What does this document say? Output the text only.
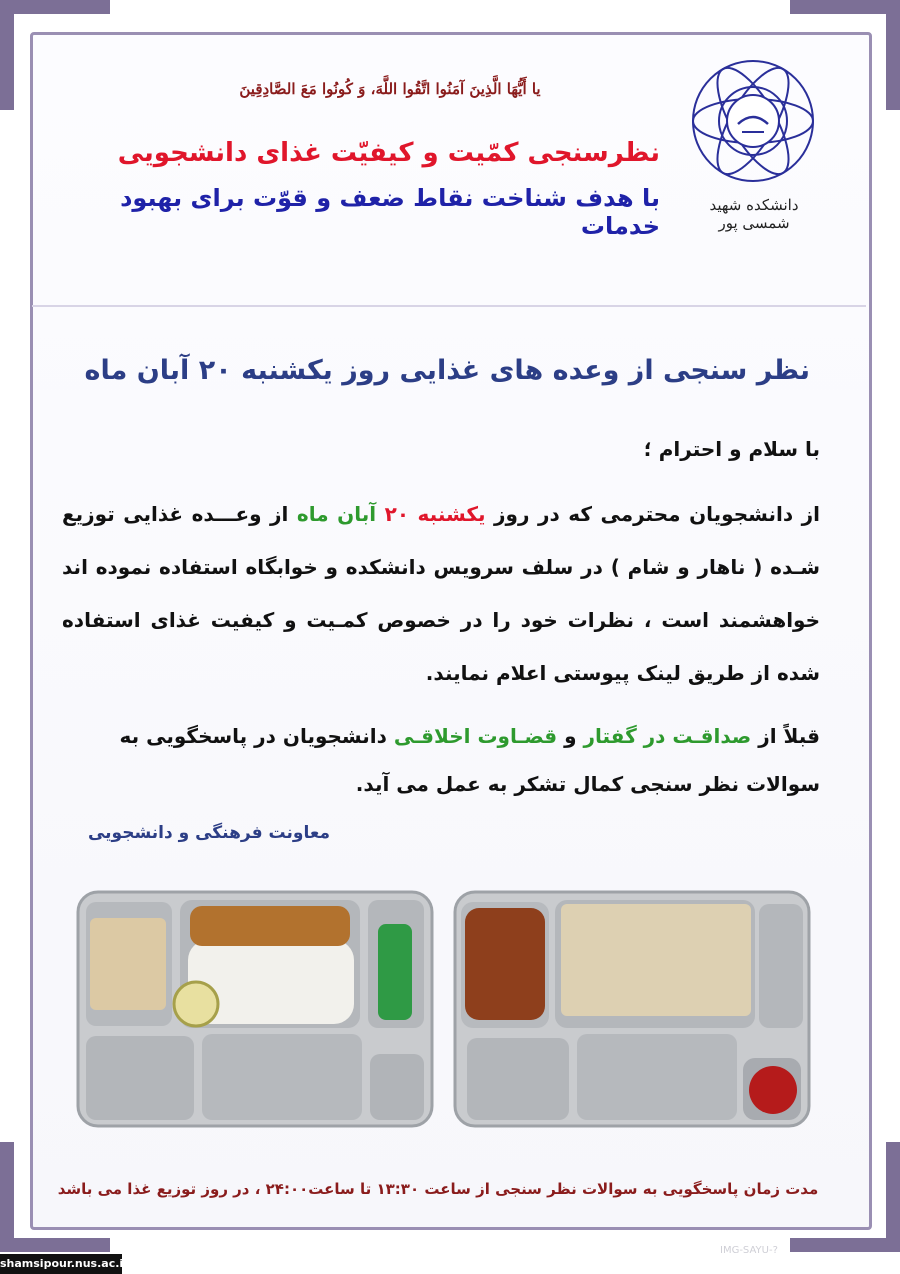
دانشکده شهید شمسی پور
یا أَیُّهَا الَّذِینَ آمَنُوا اتَّقُوا اللَّهَ، وَ کُونُوا مَعَ الصَّادِقِینَ
نظرسنجی کمّیت و کیفیّت غذای دانشجویی
با هدف شناخت نقاط ضعف و قوّت برای بهبود خدمات
نظر سنجی از وعده های غذایی روز یکشنبه ۲۰ آبان ماه
با سلام و احترام ؛
از دانشجویان محترمی که در روز یکشنبه ۲۰ آبان ماه از وعـــده غذایی توزیع شـده ( ناهار و شام ) در سلف سرویس دانشکده و خوابگاه استفاده نموده اند خواهشمند است ، نظرات خود را در خصوص کمـیت و کیفیت غذای استفاده شده از طریق لینک پیوستی اعلام نمایند.
قبلاً از صداقـت در گفتار و قضـاوت اخلاقـی دانشجویان در پاسخگویی به سوالات نظر سنجی کمال تشکر به عمل می آید.
معاونت فرهنگی و دانشجویی
مدت زمان پاسخگویی به سوالات نظر سنجی از ساعت ۱۳:۳۰ تا ساعت۲۴:۰۰ ، در روز توزیع غذا می باشد
IMG-SAYU-?
shamsipour.nus.ac.ir
